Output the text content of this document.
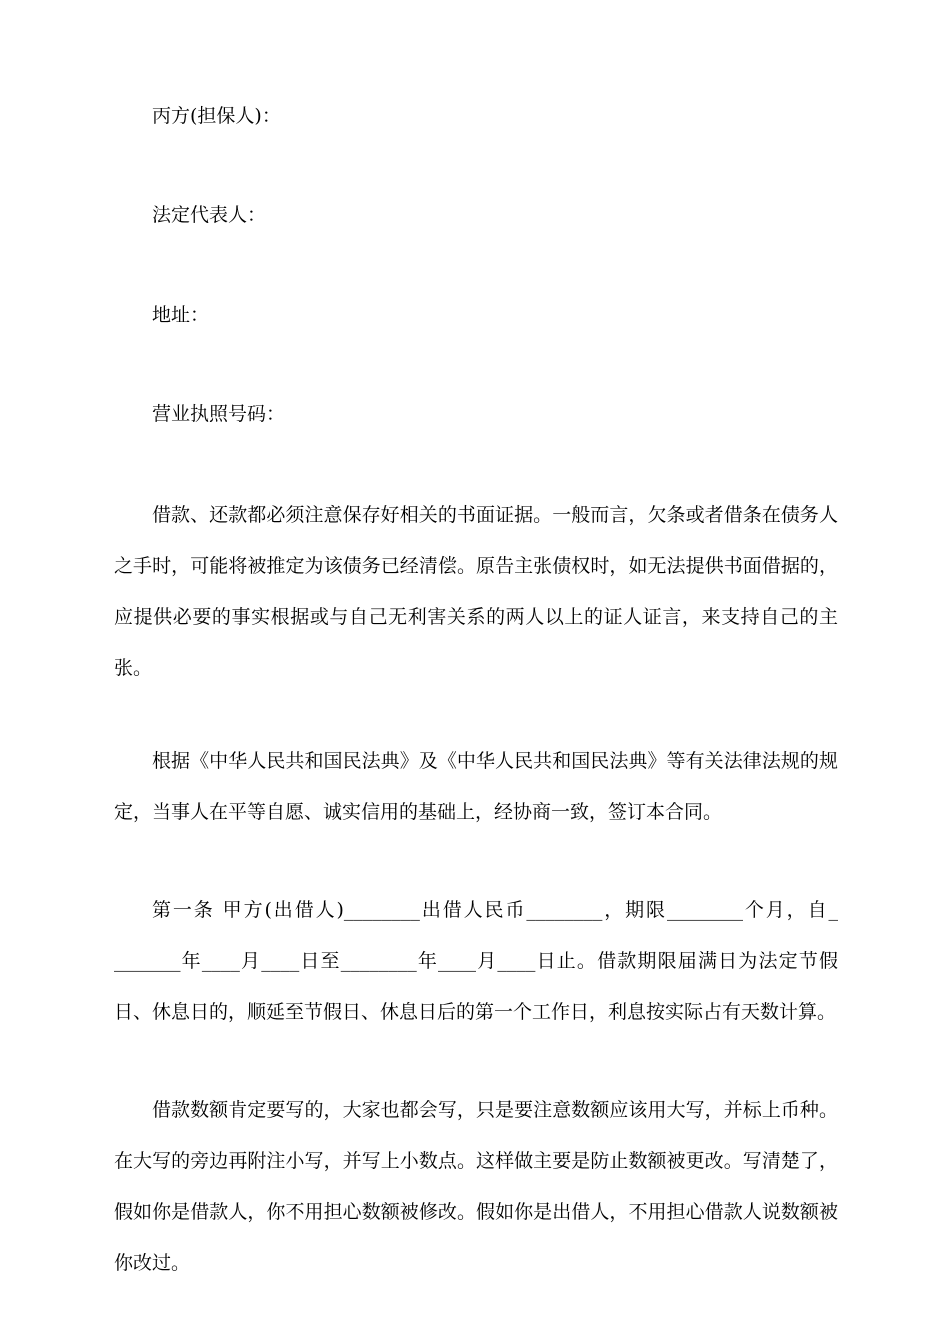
丙方(担保人)：
法定代表人：
地址：
营业执照号码：

借款、还款都必须注意保存好相关的书面证据。一般而言，欠条或者借条在债务人之手时，可能将被推定为该债务已经清偿。原告主张债权时，如无法提供书面借据的，应提供必要的事实根据或与自己无利害关系的两人以上的证人证言，来支持自己的主张。

根据《中华人民共和国民法典》及《中华人民共和国民法典》等有关法律法规的规定，当事人在平等自愿、诚实信用的基础上，经协商一致，签订本合同。

第一条 甲方(出借人)________出借人民币________，期限________个月，自_ _______年____月____日至________年____月____日止。借款期限届满日为法定节假日、休息日的，顺延至节假日、休息日后的第一个工作日，利息按实际占有天数计算。

借款数额肯定要写的，大家也都会写，只是要注意数额应该用大写，并标上币种。在大写的旁边再附注小写，并写上小数点。这样做主要是防止数额被更改。写清楚了，假如你是借款人，你不用担心数额被修改。假如你是出借人，不用担心借款人说数额被你改过。
